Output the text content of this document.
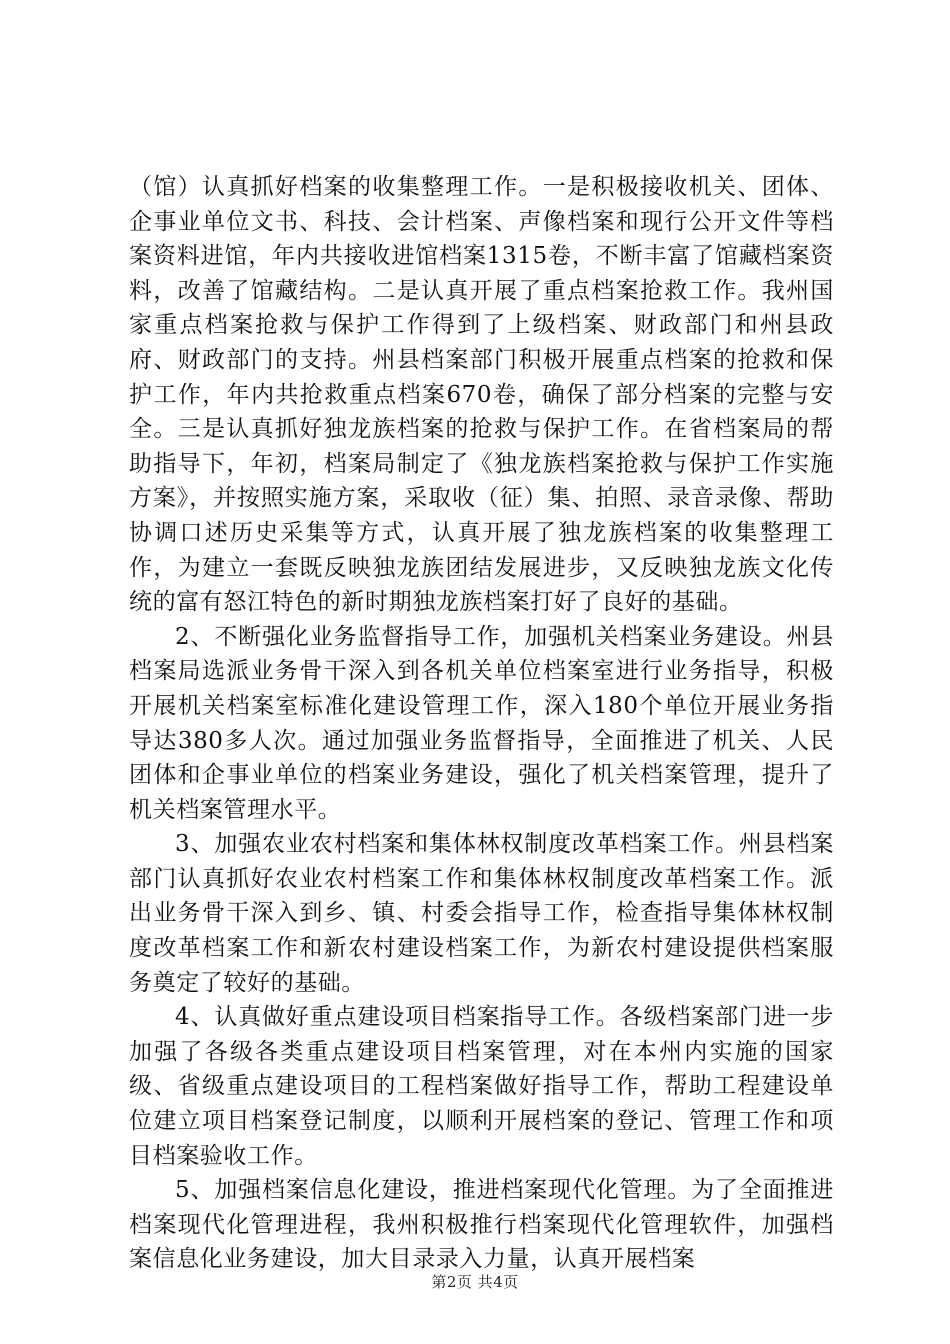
（馆）认真抓好档案的收集整理工作。一是积极接收机关、团体、企事业单位文书、科技、会计档案、声像档案和现行公开文件等档案资料进馆，年内共接收进馆档案1315卷，不断丰富了馆藏档案资料，改善了馆藏结构。二是认真开展了重点档案抢救工作。我州国家重点档案抢救与保护工作得到了上级档案、财政部门和州县政府、财政部门的支持。州县档案部门积极开展重点档案的抢救和保护工作，年内共抢救重点档案670卷，确保了部分档案的完整与安全。三是认真抓好独龙族档案的抢救与保护工作。在省档案局的帮助指导下，年初，档案局制定了《独龙族档案抢救与保护工作实施方案》，并按照实施方案，采取收（征）集、拍照、录音录像、帮助协调口述历史采集等方式，认真开展了独龙族档案的收集整理工作，为建立一套既反映独龙族团结发展进步，又反映独龙族文化传统的富有怒江特色的新时期独龙族档案打好了良好的基础。

2、不断强化业务监督指导工作，加强机关档案业务建设。州县档案局选派业务骨干深入到各机关单位档案室进行业务指导，积极开展机关档案室标准化建设管理工作，深入180个单位开展业务指导达380多人次。通过加强业务监督指导，全面推进了机关、人民团体和企事业单位的档案业务建设，强化了机关档案管理，提升了机关档案管理水平。

3、加强农业农村档案和集体林权制度改革档案工作。州县档案部门认真抓好农业农村档案工作和集体林权制度改革档案工作。派出业务骨干深入到乡、镇、村委会指导工作，检查指导集体林权制度改革档案工作和新农村建设档案工作，为新农村建设提供档案服务奠定了较好的基础。

4、认真做好重点建设项目档案指导工作。各级档案部门进一步加强了各级各类重点建设项目档案管理，对在本州内实施的国家级、省级重点建设项目的工程档案做好指导工作，帮助工程建设单位建立项目档案登记制度，以顺利开展档案的登记、管理工作和项目档案验收工作。

5、加强档案信息化建设，推进档案现代化管理。为了全面推进档案现代化管理进程，我州积极推行档案现代化管理软件，加强档案信息化业务建设，加大目录录入力量，认真开展档案

第2页 共4页
